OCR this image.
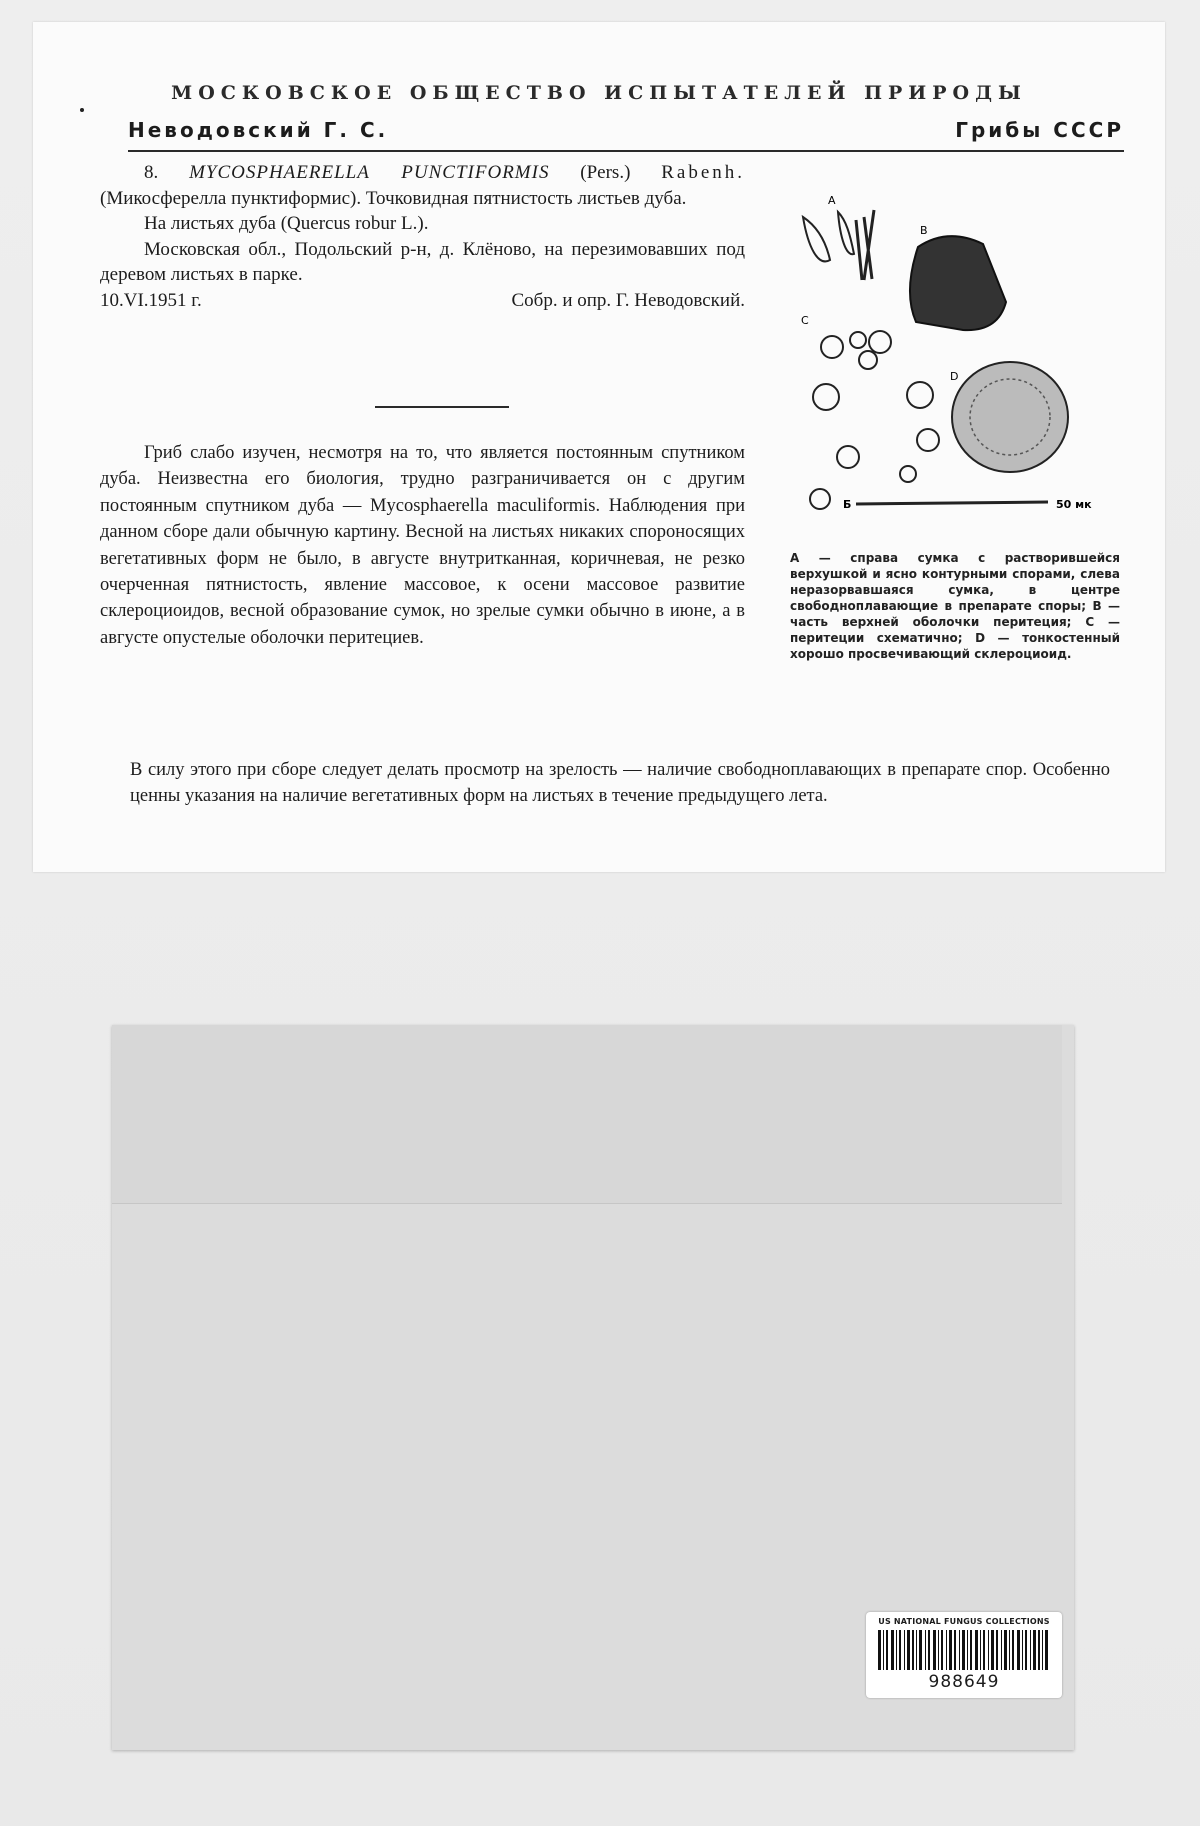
МОСКОВСКОЕ ОБЩЕСТВО ИСПЫТАТЕЛЕЙ ПРИРОДЫ
Неводовский Г. С.	Грибы СССР

8. MYCOSPHAERELLA PUNCTIFORMIS (Pers.) Rabenh. (Микосферелла пунктиформис). Точковидная пятнистость листьев дуба.

На листьях дуба (Quercus robur L.).

Московская обл., Подольский р-н, д. Клёново, на перезимовавших под деревом листьях в парке.

10.VI.1951 г.	Собр. и опр. Г. Неводовский.

Гриб слабо изучен, несмотря на то, что является постоянным спутником дуба. Неизвестна его биология, трудно разграничивается он с другим постоянным спутником дуба — Mycosphaerella maculiformis. Наблюдения при данном сборе дали обычную картину. Весной на листьях никаких спороносящих вегетативных форм не было, в августе внутритканная, коричневая, не резко очерченная пятнистость, явление массовое, к осени массовое развитие склероциоидов, весной образование сумок, но зрелые сумки обычно в июне, а в августе опустелые оболочки перитециев.

В силу этого при сборе следует делать просмотр на зрелость — наличие свободноплавающих в препарате спор. Особенно ценны указания на наличие вегетативных форм на листьях в течение предыдущего лета.

A
B
C
D
Б	50 мк
A — справа сумка с растворившейся верхушкой и ясно контурными спорами, слева неразорвавшаяся сумка, в центре свободноплавающие в препарате споры; B — часть верхней оболочки перитеция; C — перитеции схематично; D — тонкостенный хорошо просвечивающий склероциоид.
US NATIONAL FUNGUS COLLECTIONS
988649
